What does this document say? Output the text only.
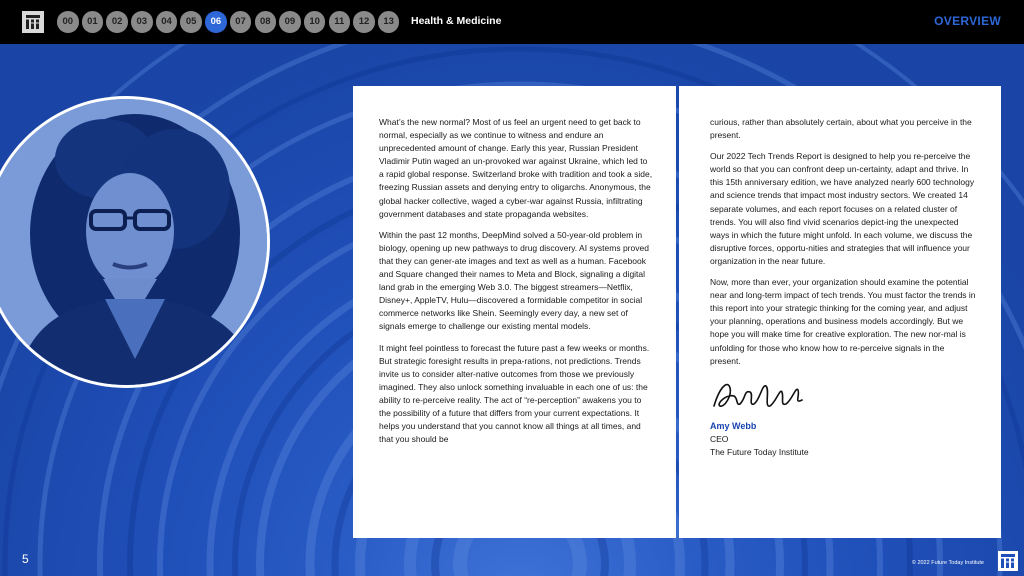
00	01	02	03	04	05	06	07	08	09	10	11	12	13	Health & Medicine	OVERVIEW

What’s the new normal? Most of us feel an urgent need to get back to normal, especially as we continue to witness and endure an unprecedented amount of change. Early this year, Russian President Vladimir Putin waged an un-provoked war against Ukraine, which led to a rapid global response. Switzerland broke with tradition and took a side, freezing Russian assets and denying entry to oligarchs. Anonymous, the global hacker collective, waged a cyber-war against Russia, infiltrating government databases and state propaganda websites.

Within the past 12 months, DeepMind solved a 50-year-old problem in biology, opening up new pathways to drug discovery. AI systems proved that they can gener-ate images and text as well as a human. Facebook and Square changed their names to Meta and Block, signaling a digital land grab in the emerging Web 3.0. The biggest streamers—Netflix, Disney+, AppleTV, Hulu—discovered a formidable competitor in social commerce networks like Shein. Seemingly every day, a new set of signals emerge to challenge our existing mental models.

It might feel pointless to forecast the future past a few weeks or months. But strategic foresight results in prepa-rations, not predictions. Trends invite us to consider alter-native outcomes from those we previously imagined. They also unlock something invaluable in each one of us: the ability to re-perceive reality. The act of “re-perception” awakens you to the possibility of a future that differs from your current expectations. It helps you understand that you cannot know all things at all times, and that you should be

curious, rather than absolutely certain, about what you perceive in the present.

Our 2022 Tech Trends Report is designed to help you re-perceive the world so that you can confront deep un-certainty, adapt and thrive. In this 15th anniversary edition, we have analyzed nearly 600 technology and science trends that impact most industry sectors. We created 14 separate volumes, and each report focuses on a related cluster of trends. You will also find vivid scenarios depict-ing the unexpected ways in which the future might unfold. In each volume, we discuss the disruptive forces, opportu-nities and strategies that will influence your organization in the near future.

Now, more than ever, your organization should examine the potential near and long-term impact of tech trends. You must factor the trends in this report into your strategic thinking for the coming year, and adjust your planning, operations and business models accordingly. But we hope you will make time for creative exploration. The new nor-mal is unfolding for those who know how to re-perceive signals in the present.

Amy Webb
CEO
The Future Today Institute
5	© 2022 Future Today Institute
